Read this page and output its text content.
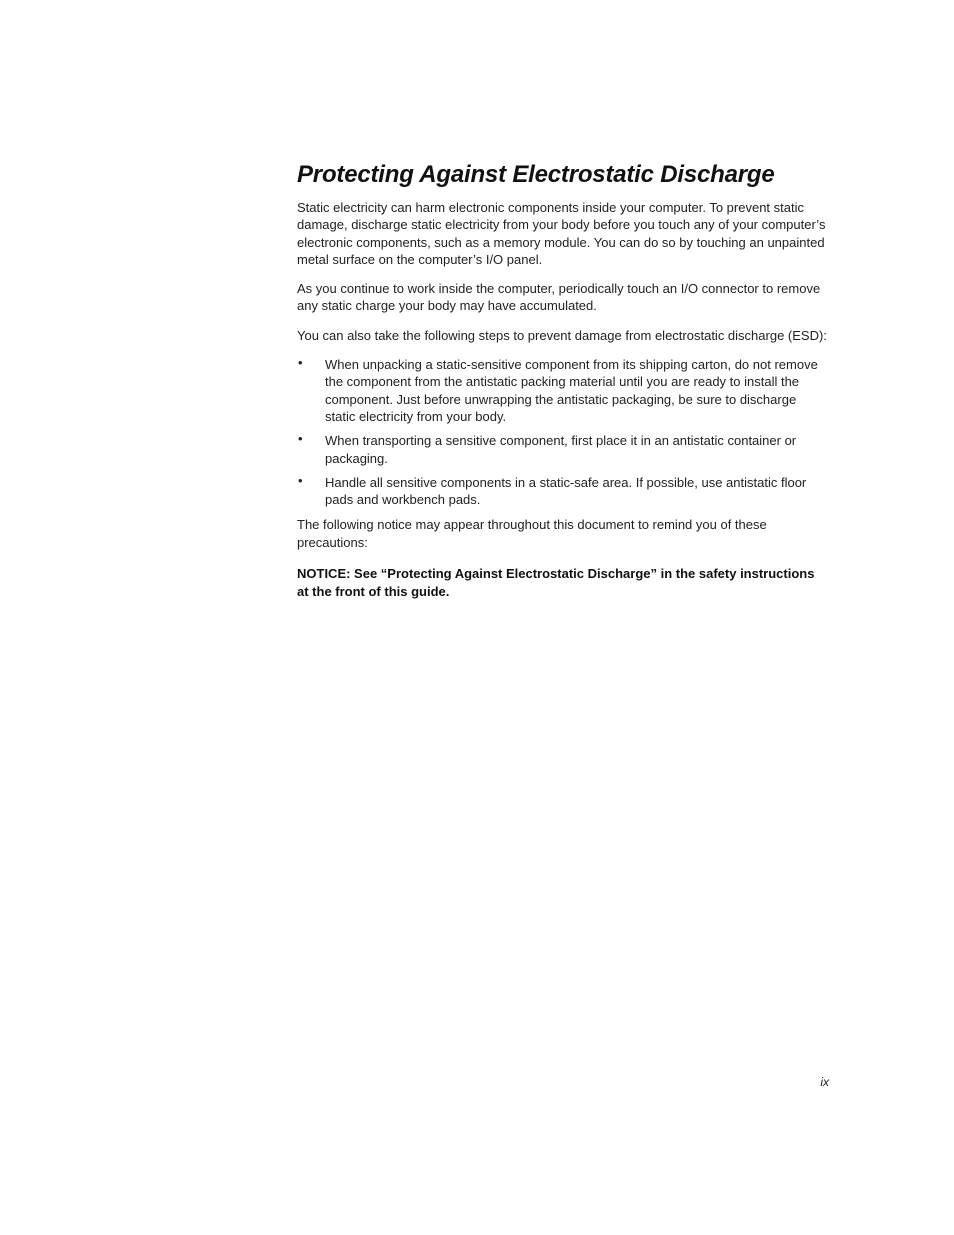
Protecting Against Electrostatic Discharge

Static electricity can harm electronic components inside your computer. To prevent static damage, discharge static electricity from your body before you touch any of your computer’s electronic components, such as a memory module. You can do so by touching an unpainted metal surface on the computer’s I/O panel.

As you continue to work inside the computer, periodically touch an I/O connector to remove any static charge your body may have accumulated.

You can also take the following steps to prevent damage from electrostatic discharge (ESD):

• When unpacking a static-sensitive component from its shipping carton, do not remove the component from the antistatic packing material until you are ready to install the component. Just before unwrapping the antistatic packaging, be sure to discharge static electricity from your body.
• When transporting a sensitive component, first place it in an antistatic container or packaging.
• Handle all sensitive components in a static-safe area. If possible, use antistatic floor pads and workbench pads.

The following notice may appear throughout this document to remind you of these precautions:

NOTICE: See “Protecting Against Electrostatic Discharge” in the safety instructions at the front of this guide.

ix
